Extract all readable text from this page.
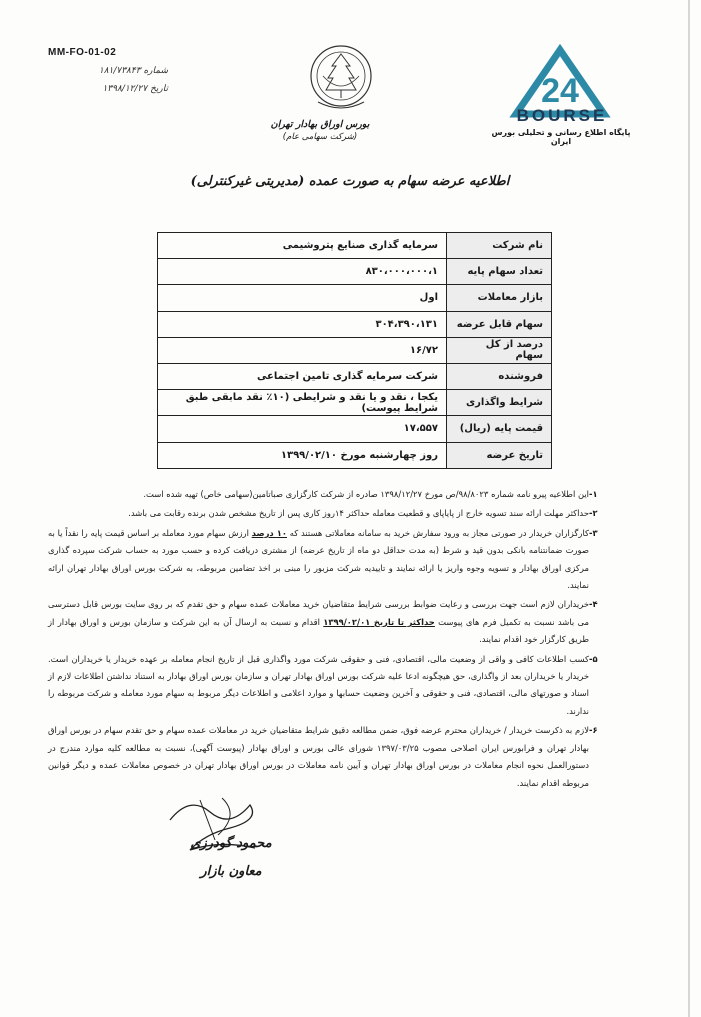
MM-FO-01-02
شماره ۱۸۱/۷۳۸۴۳
تاریخ ۱۳۹۸/۱۲/۲۷
بورس اوراق بهادار تهران
(شرکت سهامی عام)
24
BOURSE
پایگاه اطلاع رسانی و تحلیلی بورس ایران
اطلاعیه عرضه سهام به صورت عمده (مدیریتی غیرکنترلی)
نام شرکت	سرمایه گذاری صنایع پتروشیمی
تعداد سهام پایه	۸۳۰،۰۰۰،۰۰۰،۱
بازار معاملات	اول
سهام قابل عرضه	۳۰۴،۳۹۰،۱۳۱
درصد از کل سهام	۱۶/۷۲
فروشنده	شرکت سرمایه گذاری تامین اجتماعی
شرایط واگذاری	یکجا ، نقد و یا نقد و شرایطی (۱۰٪ نقد مابقی طبق شرایط پیوست)
قیمت پایه (ریال)	۱۷،۵۵۷
تاریخ عرضه	روز چهارشنبه مورخ ۱۳۹۹/۰۲/۱۰
-۱
این اطلاعیه پیرو نامه شماره ۹۸/۸۰۲۳/ص مورخ ۱۳۹۸/۱۲/۲۷ صادره از شرکت کارگزاری صباتامین(سهامی خاص) تهیه شده است.
-۲
حداکثر مهلت ارائه سند تسویه خارج از پایاپای و قطعیت معامله حداکثر ۱۴روز کاری پس از تاریخ مشخص شدن برنده رقابت می باشد.
-۳
کارگزاران خریدار در صورتی مجاز به ورود سفارش خرید به سامانه معاملاتی هستند که ۱۰ درصد ارزش سهام مورد معامله بر اساس قیمت پایه را نقداً یا به صورت ضمانتنامه بانکی بدون قید و شرط (به مدت حداقل دو ماه از تاریخ عرضه) از مشتری دریافت کرده و حسب مورد به حساب شرکت سپرده گذاری مرکزی اوراق بهادار و تسویه وجوه واریز یا ارائه نمایند و تاییدیه شرکت مزبور را مبنی بر اخذ تضامین مربوطه، به شرکت بورس اوراق بهادار تهران ارائه نمایند.
-۴
خریداران لازم است جهت بررسی و رعایت ضوابط بررسی شرایط متقاضیان خرید معاملات عمده سهام و حق تقدم که بر روی سایت بورس قابل دسترسی می باشد نسبت به تکمیل فرم های پیوست حداکثر تا تاریخ ۱۳۹۹/۰۲/۰۱ اقدام و نسبت به ارسال آن به این شرکت و سازمان بورس و اوراق بهادار از طریق کارگزار خود اقدام نمایند.
-۵
کسب اطلاعات کافی و واقی از وضعیت مالی، اقتصادی، فنی و حقوقی شرکت مورد واگذاری قبل از تاریخ انجام معامله بر عهده خریدار یا خریداران است. خریدار یا خریداران بعد از واگذاری، حق هیچگونه ادعا علیه شرکت بورس اوراق بهادار تهران و سازمان بورس اوراق بهادار به استناد نداشتن اطلاعات لازم از اسناد و صورتهای مالی، اقتصادی، فنی و حقوقی و آخرین وضعیت حسابها و موارد اعلامی و اطلاعات دیگر مربوط به سهام مورد معامله و شرکت مربوطه را ندارند.
-۶
لازم به ذکرست خریدار / خریداران محترم عرضه فوق، ضمن مطالعه دقیق شرایط متقاضیان خرید در معاملات عمده سهام و حق تقدم سهام در بورس اوراق بهادار تهران و فرابورس ایران اصلاحی مصوب ۱۳۹۷/۰۳/۲۵ شورای عالی بورس و اوراق بهادار (پیوست آگهی)، نسبت به مطالعه کلیه موارد مندرج در دستورالعمل نحوه انجام معاملات در بورس اوراق بهادار تهران و آیین نامه معاملات در بورس اوراق بهادار تهران در خصوص معاملات عمده و دیگر قوانین مربوطه اقدام نمایند.
محمود گودرزی
معاون بازار
